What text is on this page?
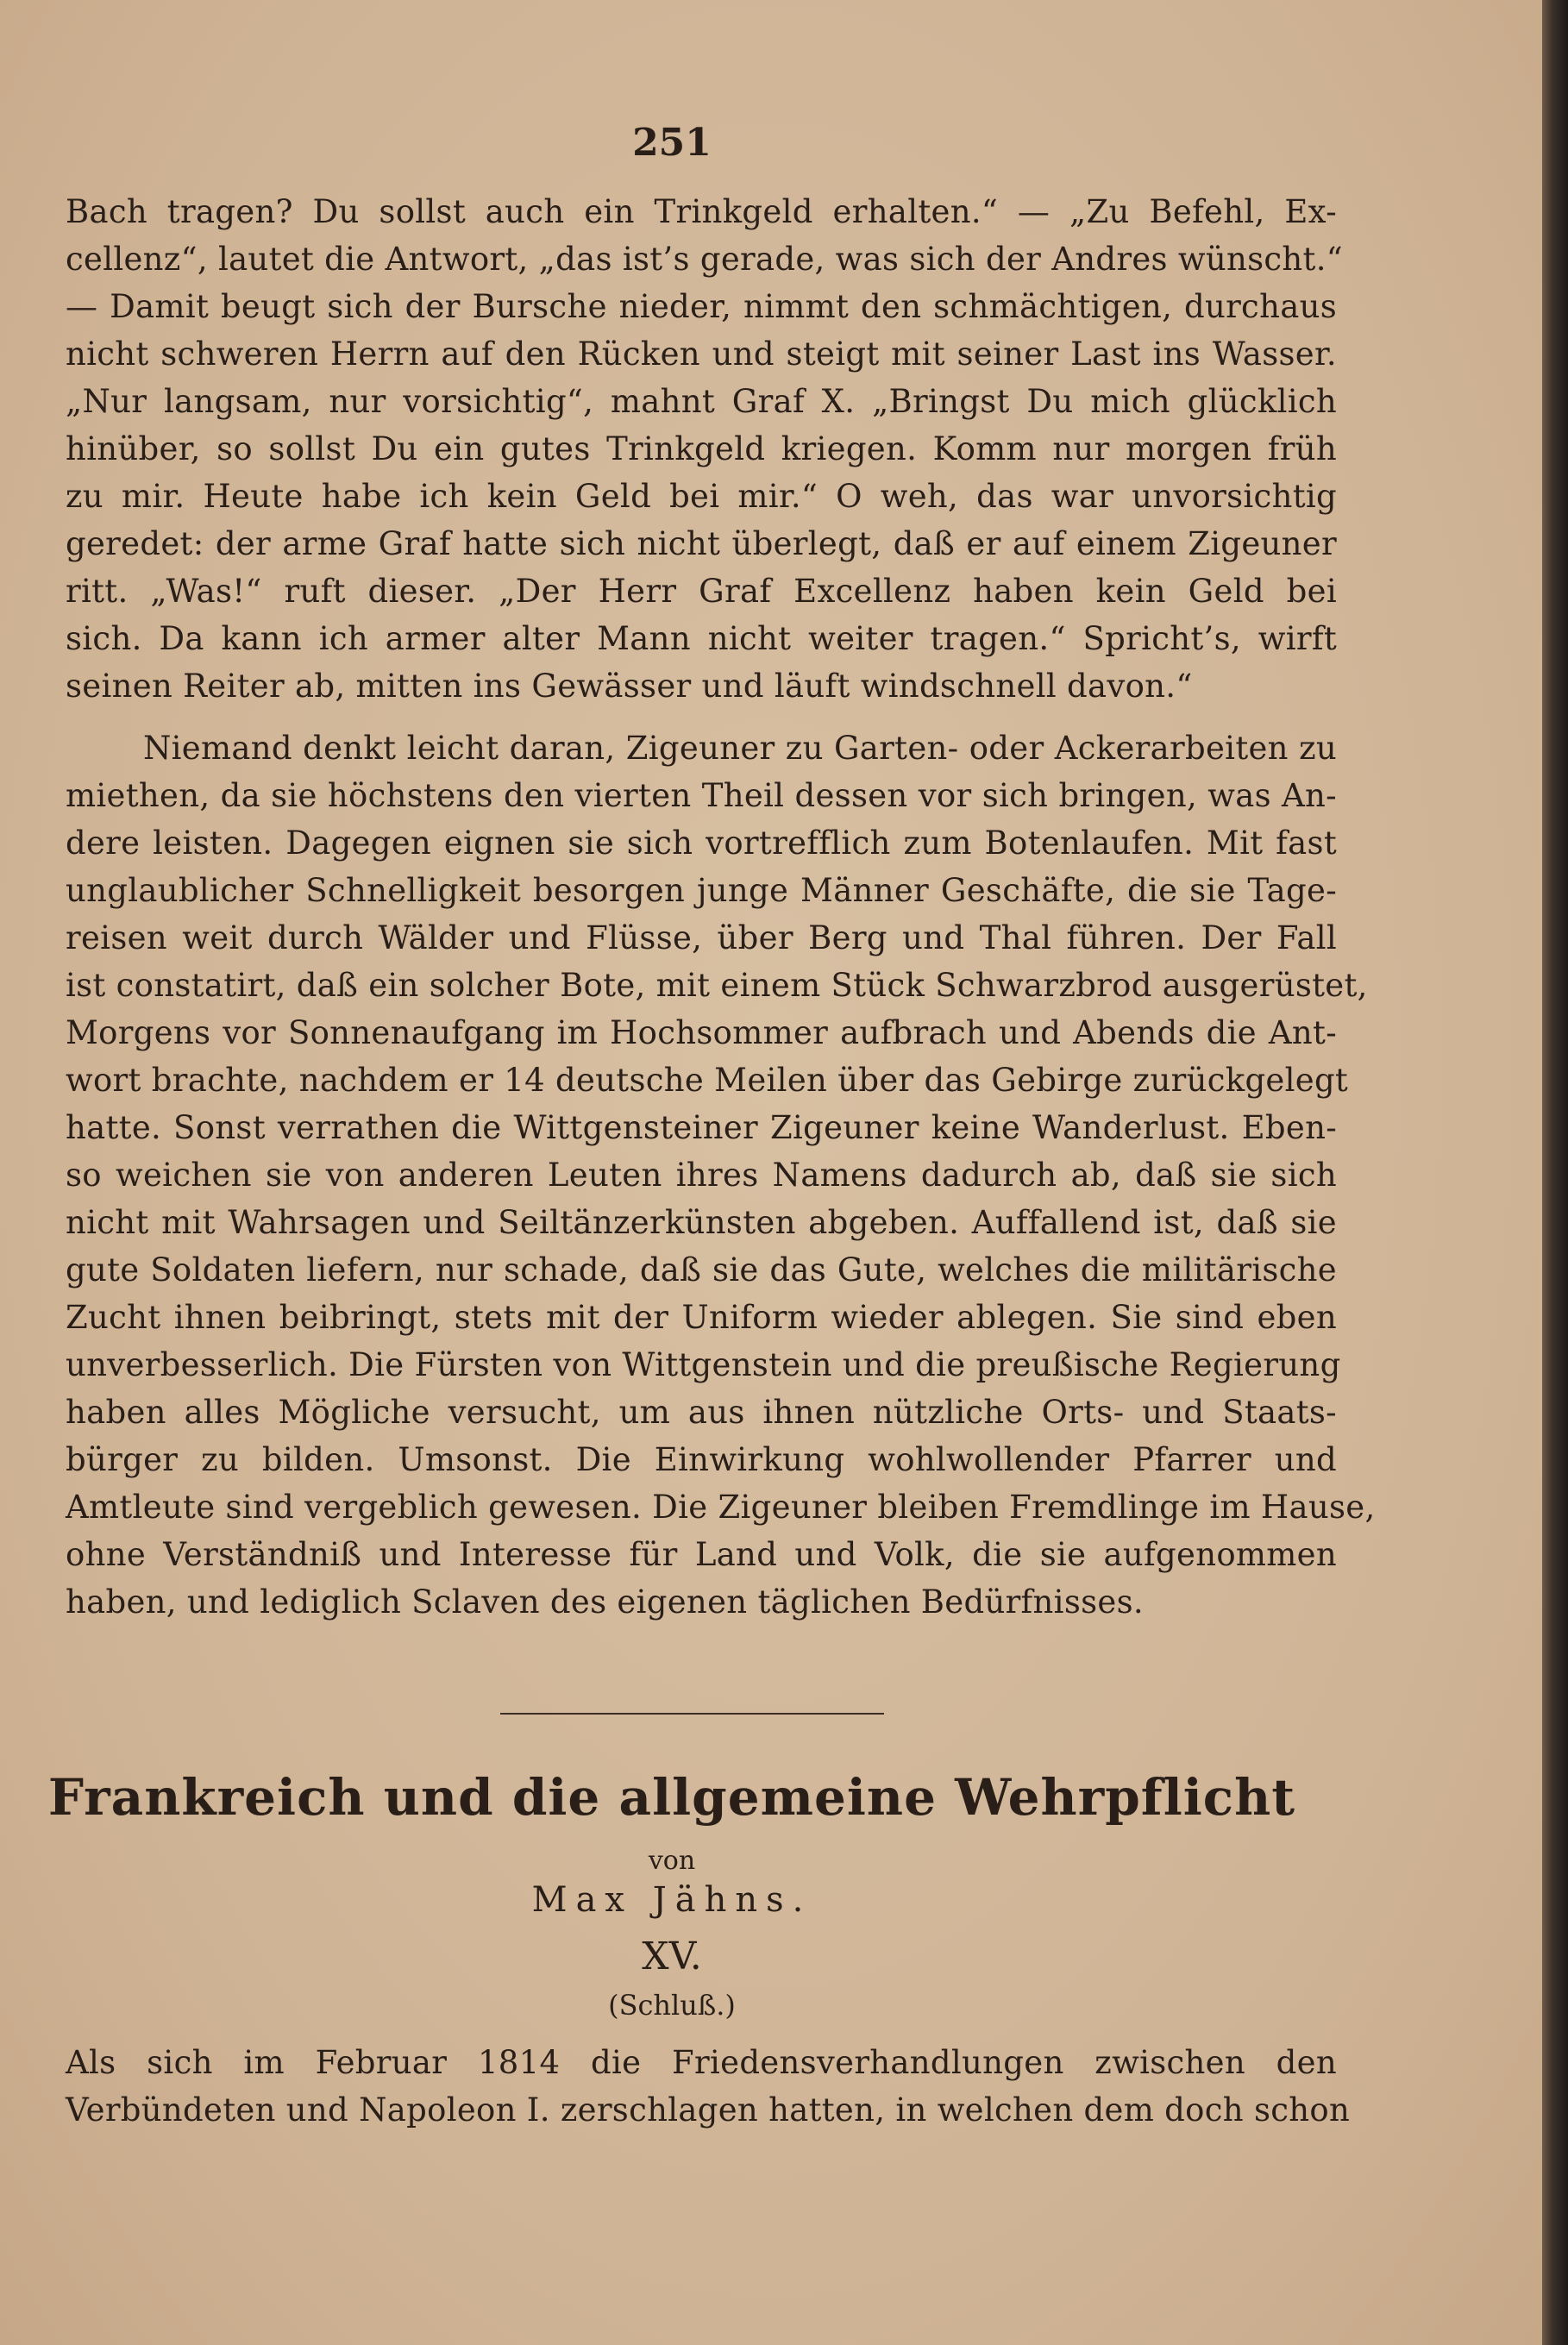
251
Bach tragen? Du sollst auch ein Trinkgeld erhalten.“ — „Zu Befehl, Ex-
cellenz“, lautet die Antwort, „das ist’s gerade, was sich der Andres wünscht.“
— Damit beugt sich der Bursche nieder, nimmt den schmächtigen, durchaus
nicht schweren Herrn auf den Rücken und steigt mit seiner Last ins Wasser.
„Nur langsam, nur vorsichtig“, mahnt Graf X. „Bringst Du mich glücklich
hinüber, so sollst Du ein gutes Trinkgeld kriegen. Komm nur morgen früh
zu mir. Heute habe ich kein Geld bei mir.“ O weh, das war unvorsichtig
geredet: der arme Graf hatte sich nicht überlegt, daß er auf einem Zigeuner
ritt. „Was!“ ruft dieser. „Der Herr Graf Excellenz haben kein Geld bei
sich. Da kann ich armer alter Mann nicht weiter tragen.“ Spricht’s, wirft
seinen Reiter ab, mitten ins Gewässer und läuft windschnell davon.“
Niemand denkt leicht daran, Zigeuner zu Garten- oder Ackerarbeiten zu
miethen, da sie höchstens den vierten Theil dessen vor sich bringen, was An-
dere leisten. Dagegen eignen sie sich vortrefflich zum Botenlaufen. Mit fast
unglaublicher Schnelligkeit besorgen junge Männer Geschäfte, die sie Tage-
reisen weit durch Wälder und Flüsse, über Berg und Thal führen. Der Fall
ist constatirt, daß ein solcher Bote, mit einem Stück Schwarzbrod ausgerüstet,
Morgens vor Sonnenaufgang im Hochsommer aufbrach und Abends die Ant-
wort brachte, nachdem er 14 deutsche Meilen über das Gebirge zurückgelegt
hatte. Sonst verrathen die Wittgensteiner Zigeuner keine Wanderlust. Eben-
so weichen sie von anderen Leuten ihres Namens dadurch ab, daß sie sich
nicht mit Wahrsagen und Seiltänzerkünsten abgeben. Auffallend ist, daß sie
gute Soldaten liefern, nur schade, daß sie das Gute, welches die militärische
Zucht ihnen beibringt, stets mit der Uniform wieder ablegen. Sie sind eben
unverbesserlich. Die Fürsten von Wittgenstein und die preußische Regierung
haben alles Mögliche versucht, um aus ihnen nützliche Orts- und Staats-
bürger zu bilden. Umsonst. Die Einwirkung wohlwollender Pfarrer und
Amtleute sind vergeblich gewesen. Die Zigeuner bleiben Fremdlinge im Hause,
ohne Verständniß und Interesse für Land und Volk, die sie aufgenommen
haben, und lediglich Sclaven des eigenen täglichen Bedürfnisses.
Frankreich und die allgemeine Wehrpflicht
von
Max Jähns.
XV.
(Schluß.)
Als sich im Februar 1814 die Friedensverhandlungen zwischen den
Verbündeten und Napoleon I. zerschlagen hatten, in welchen dem doch schon
